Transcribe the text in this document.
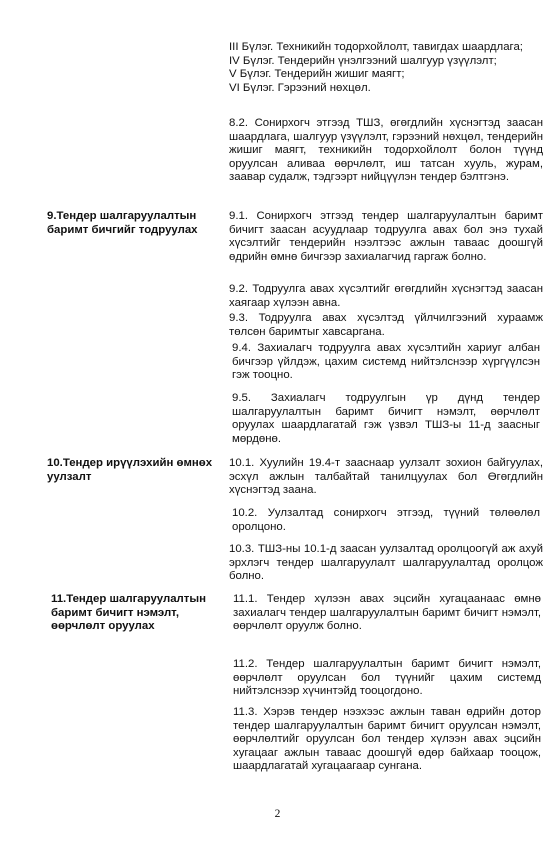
III Бүлэг. Техникийн тодорхойлолт, тавигдах шаардлага;
IV Бүлэг. Тендерийн үнэлгээний шалгуур үзүүлэлт;
V Бүлэг. Тендерийн жишиг маягт;
VI Бүлэг. Гэрээний нөхцөл.
8.2. Сонирхогч этгээд ТШЗ, өгөгдлийн хүснэгтэд заасан шаардлага, шалгуур үзүүлэлт, гэрээний нөхцөл, тендерийн жишиг маягт, техникийн тодорхойлолт болон түүнд оруулсан аливаа өөрчлөлт, иш татсан хууль, журам, заавар судалж, тэдгээрт нийцүүлэн тендер бэлтгэнэ.
9.Тендер шалгаруулалтын баримт бичгийг тодруулах
9.1. Сонирхогч этгээд тендер шалгаруулалтын баримт бичигт заасан асуудлаар тодруулга авах бол энэ тухай хүсэлтийг тендерийн нээлтээс ажлын таваас доошгүй өдрийн өмнө бичгээр захиалагчид гаргаж болно.
9.2. Тодруулга авах хүсэлтийг өгөгдлийн хүснэгтэд заасан хаягаар хүлээн авна.
9.3. Тодруулга авах хүсэлтэд үйлчилгээний хураамж төлсөн баримтыг хавсаргана.
9.4. Захиалагч тодруулга авах хүсэлтийн хариуг албан бичгээр үйлдэж, цахим системд нийтэлснээр хүргүүлсэн гэж тооцно.
9.5. Захиалагч тодруулгын үр дүнд тендер шалгаруулалтын баримт бичигт нэмэлт, өөрчлөлт оруулах шаардлагатай гэж үзвэл ТШЗ-ы 11-д заасныг мөрдөнө.
10.Тендер ирүүлэхийн өмнөх уулзалт
10.1. Хуулийн 19.4-т зааснаар уулзалт зохион байгуулах, эсхүл ажлын талбайтай танилцуулах бол Өгөгдлийн хүснэгтэд заана.
10.2. Уулзалтад сонирхогч этгээд, түүний төлөөлөл оролцоно.
10.3. ТШЗ-ны 10.1-д заасан уулзалтад оролцоогүй аж ахуй эрхлэгч тендер шалгаруулалт шалгаруулалтад оролцож болно.
11.Тендер шалгаруулалтын баримт бичигт нэмэлт, өөрчлөлт оруулах
11.1. Тендер хүлээн авах эцсийн хугацаанаас өмнө захиалагч тендер шалгаруулалтын баримт бичигт нэмэлт, өөрчлөлт оруулж болно.
11.2. Тендер шалгаруулалтын баримт бичигт нэмэлт, өөрчлөлт оруулсан бол түүнийг цахим системд нийтэлснээр хүчинтэйд тооцогдоно.
11.3. Хэрэв тендер нээхээс ажлын таван өдрийн дотор тендер шалгаруулалтын баримт бичигт оруулсан нэмэлт, өөрчлөлтийг оруулсан бол тендер хүлээн авах эцсийн хугацааг ажлын таваас доошгүй өдөр байхаар тооцож, шаардлагатай хугацаагаар сунгана.
2
